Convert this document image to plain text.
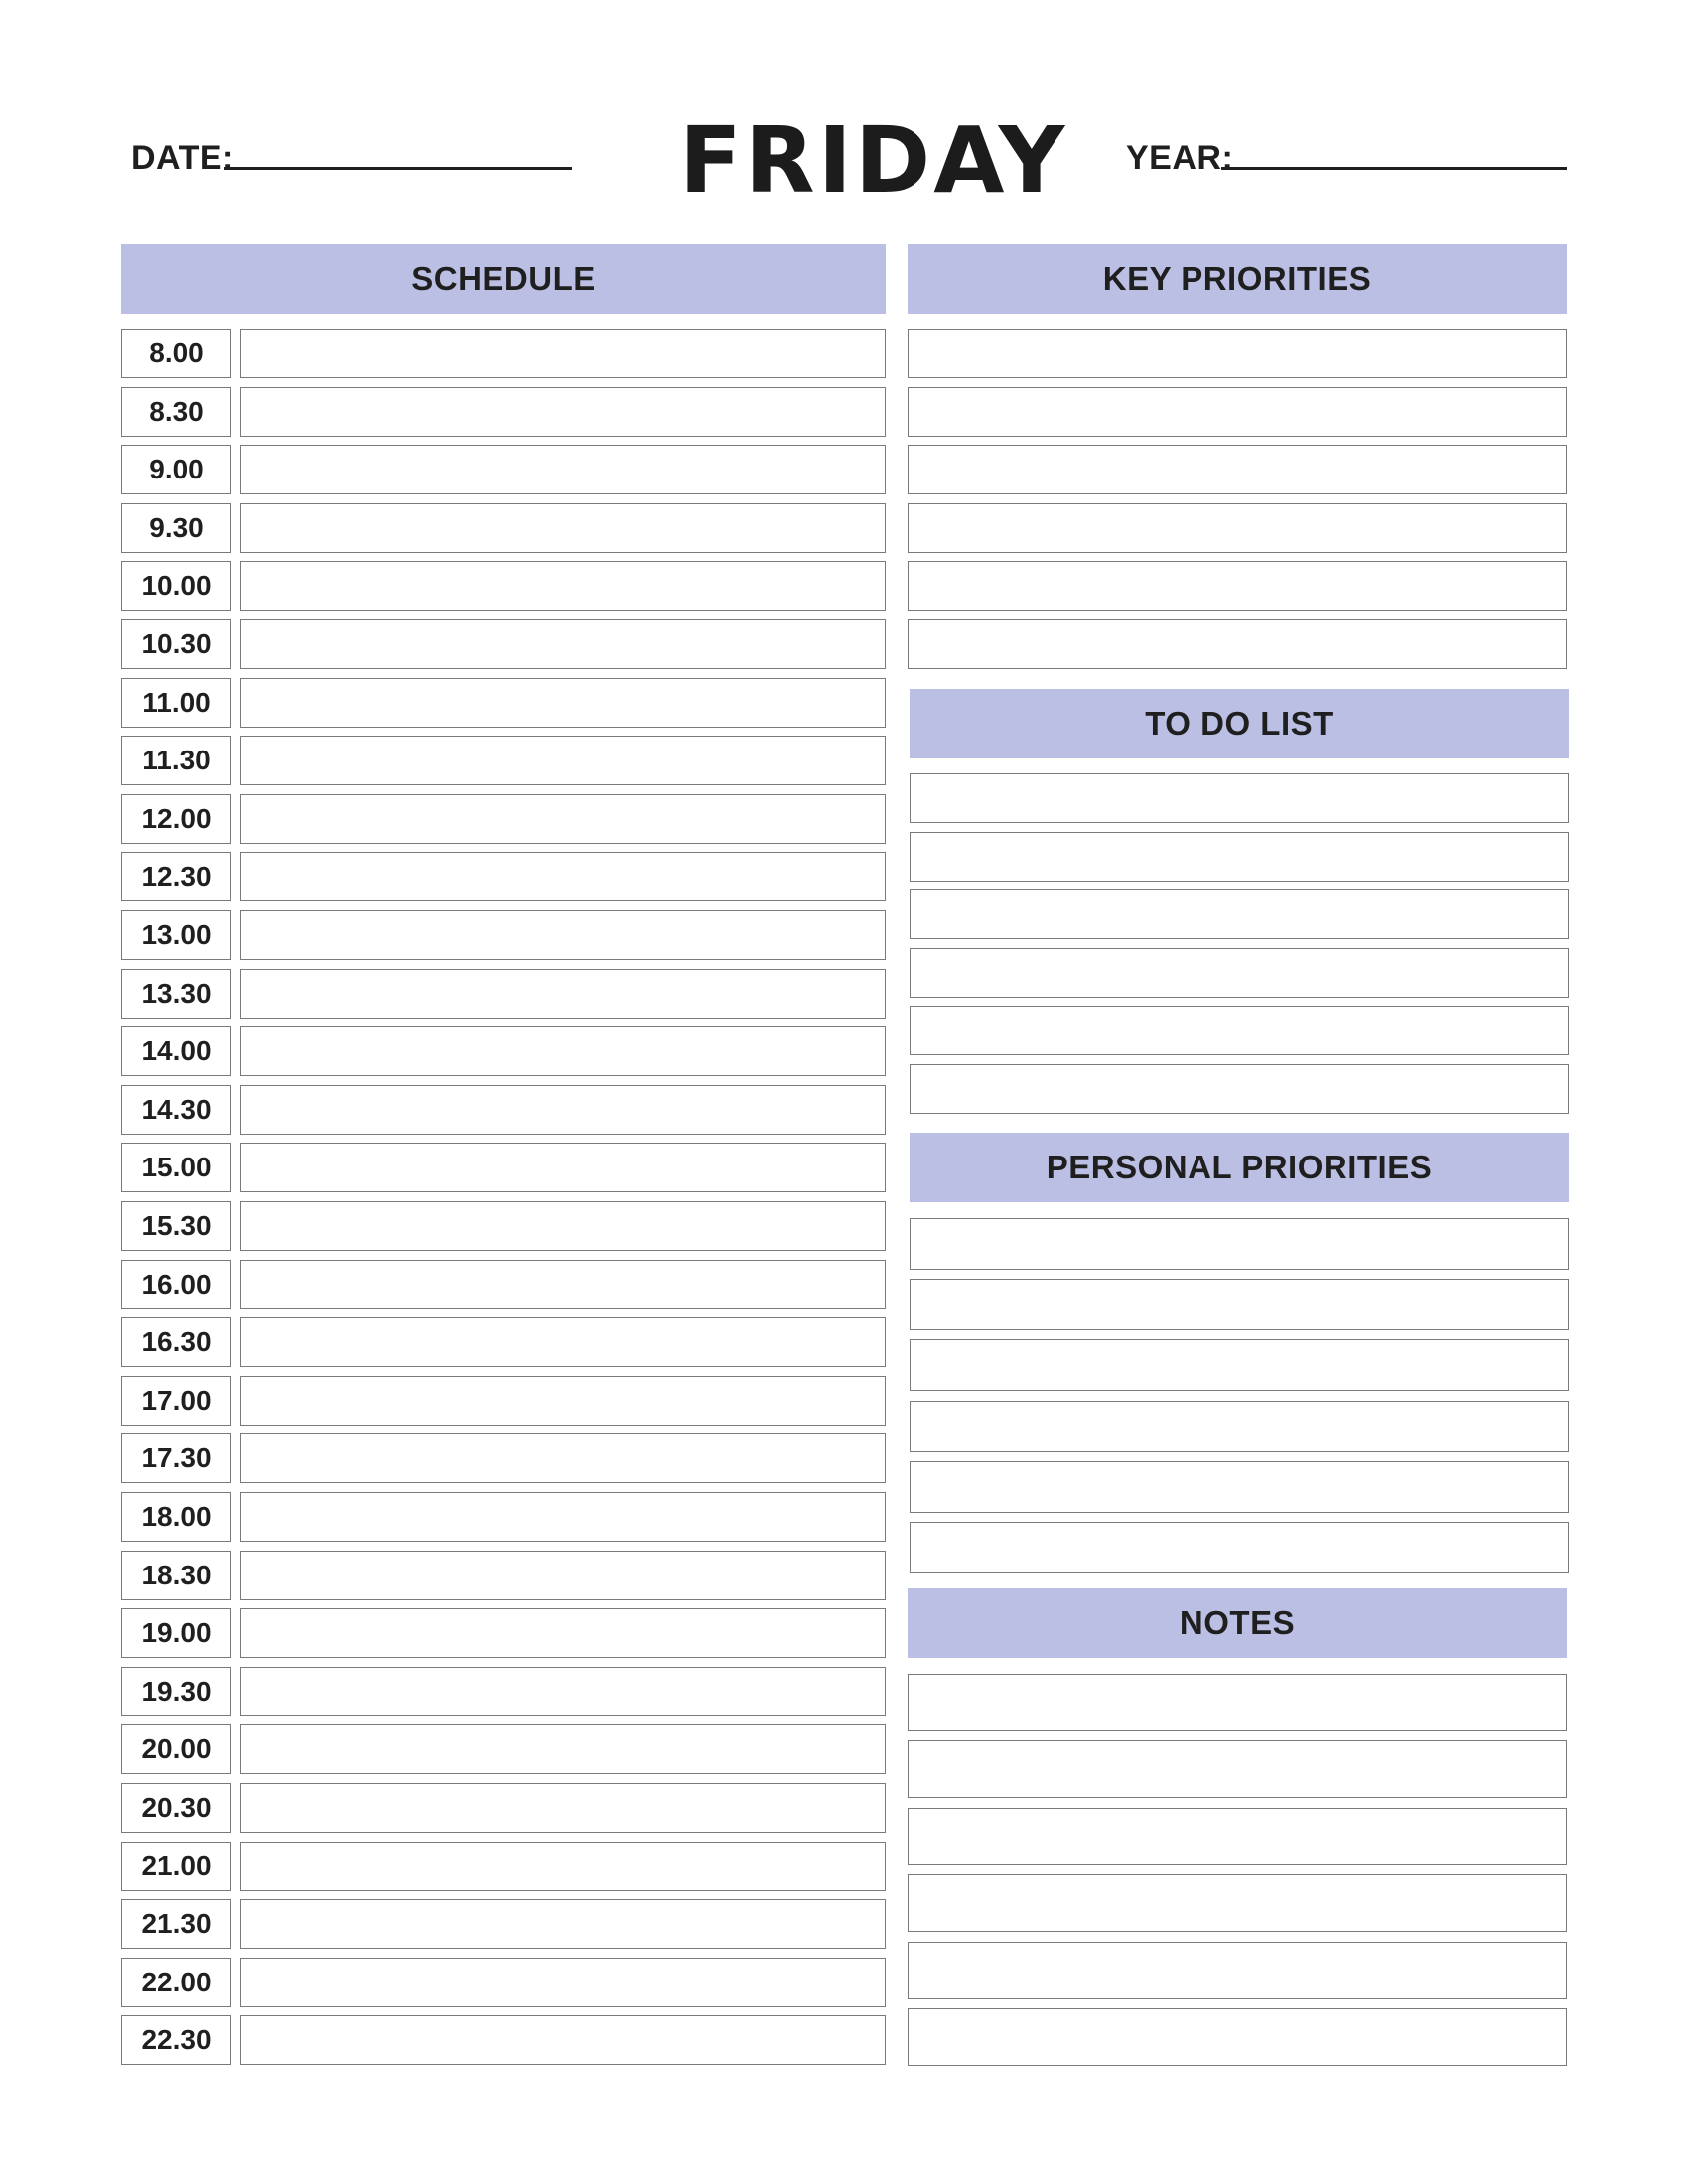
DATE:	FRIDAY YEAR:
SCHEDULE	KEY PRIORITIES
TO DO LIST
PERSONAL PRIORITIES
NOTES
8.00
8.30
9.00
9.30
10.00
10.30
11.00
11.30
12.00
12.30
13.00
13.30
14.00
14.30
15.00
15.30
16.00
16.30
17.00
17.30
18.00
18.30
19.00
19.30
20.00
20.30
21.00
21.30
22.00
22.30
